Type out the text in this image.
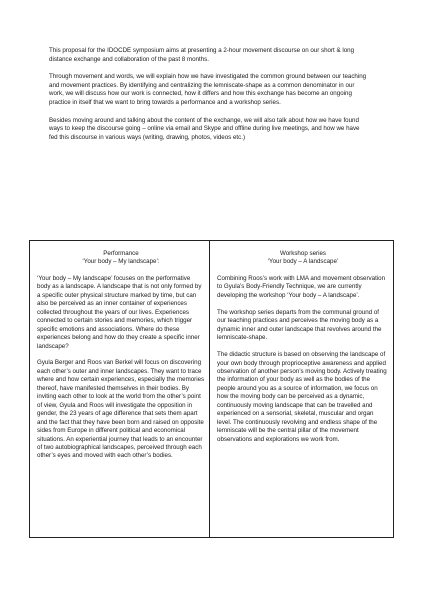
This proposal for the IDOCDE symposium aims at presenting a 2-hour movement discourse on our short & long distance exchange and collaboration of the past 8 months.

Through movement and words, we will explain how we have investigated the common ground between our teaching and movement practices. By identifying and centralizing the lemniscate-shape as a common denominator in our work, we will discuss how our work is connected, how it differs and how this exchange has become an ongoing practice in itself that we want to bring towards a performance and a workshop series.

Besides moving around and talking about the content of the exchange, we will also talk about how we have found ways to keep the discourse going – online via email and Skype and offline during live meetings, and how we have fed this discourse in various ways (writing, drawing, photos, videos etc.)

Performance
‘Your body – My landscape’:

‘Your body – My landscape’ focuses on the performative body as a landscape. A landscape that is not only formed by a specific outer physical structure marked by time, but can also be perceived as an inner container of experiences collected throughout the years of our lives. Experiences connected to certain stories and memories, which trigger specific emotions and associations. Where do these experiences belong and how do they create a specific inner landscape?

Gyula Berger and Roos van Berkel will focus on discovering each other’s outer and inner landscapes. They want to trace where and how certain experiences, especially the memories thereof, have manifested themselves in their bodies. By inviting each other to look at the world from the other’s point of view, Gyula and Roos will investigate the opposition in gender, the 23 years of age difference that sets them apart and the fact that they have been born and raised on opposite sides from Europe in different political and economical situations. An experiential journey that leads to an encounter of two autobiographical landscapes, perceived through each other’s eyes and moved with each other’s bodies.

Workshop series
‘Your body – A landscape’

Combining Roos’s work with LMA and movement observation to Gyula’s Body-Friendly Technique, we are currently developing the workshop ‘Your body – A landscape’.

The workshop series departs from the communal ground of our teaching practices and perceives the moving body as a dynamic inner and outer landscape that revolves around the lemniscate-shape.

The didactic structure is based on observing the landscape of your own body through proprioceptive awareness and applied observation of another person’s moving body. Actively treating the information of your body as well as the bodies of the people around you as a source of information, we focus on how the moving body can be perceived as a dynamic, continuously moving landscape that can be travelled and experienced on a sensorial, skeletal, muscular and organ level. The continuously revolving and endless shape of the lemniscate will be the central pillar of the movement observations and explorations we work from.
